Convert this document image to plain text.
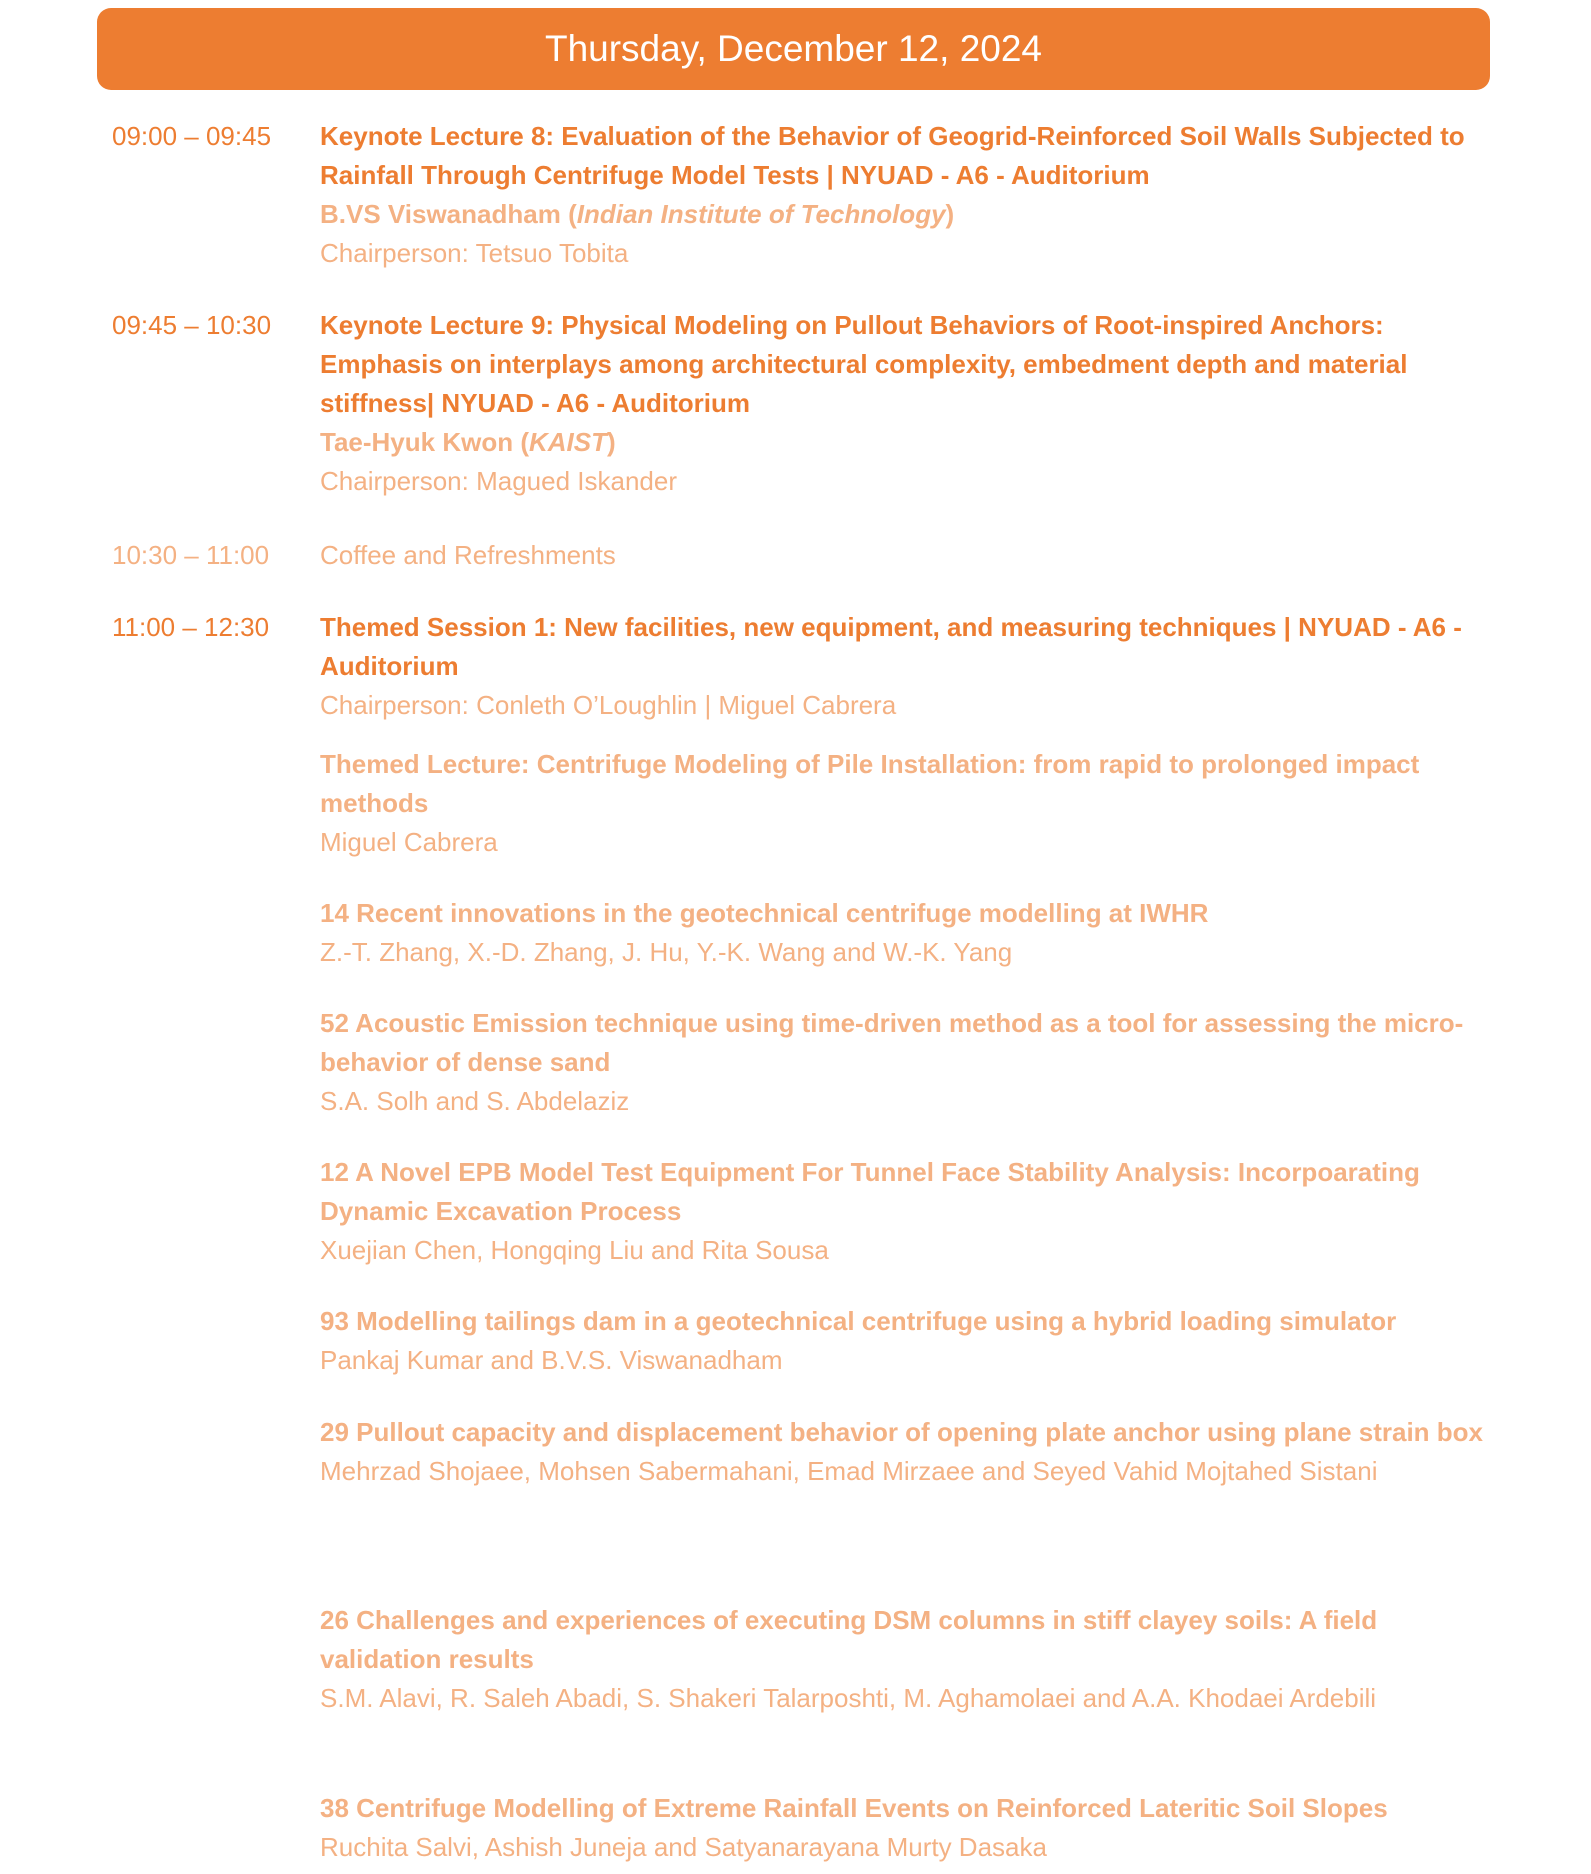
Thursday, December 12, 2024
09:00 – 09:45 Keynote Lecture 8: Evaluation of the Behavior of Geogrid-Reinforced Soil Walls Subjected to Rainfall Through Centrifuge Model Tests | NYUAD - A6 - Auditorium
B.VS Viswanadham (Indian Institute of Technology)
Chairperson: Tetsuo Tobita
09:45 – 10:30 Keynote Lecture 9: Physical Modeling on Pullout Behaviors of Root-inspired Anchors: Emphasis on interplays among architectural complexity, embedment depth and material stiffness| NYUAD - A6 - Auditorium
Tae-Hyuk Kwon (KAIST)
Chairperson: Magued Iskander
10:30 – 11:00 Coffee and Refreshments
11:00 – 12:30 Themed Session 1: New facilities, new equipment, and measuring techniques | NYUAD - A6 - Auditorium
Chairperson: Conleth O’Loughlin | Miguel Cabrera
Themed Lecture: Centrifuge Modeling of Pile Installation: from rapid to prolonged impact methods
Miguel Cabrera
14 Recent innovations in the geotechnical centrifuge modelling at IWHR
Z.-T. Zhang, X.-D. Zhang, J. Hu, Y.-K. Wang and W.-K. Yang
52 Acoustic Emission technique using time-driven method as a tool for assessing the micro-behavior of dense sand
S.A. Solh and S. Abdelaziz
12 A Novel EPB Model Test Equipment For Tunnel Face Stability Analysis: Incorpoarating Dynamic Excavation Process
Xuejian Chen, Hongqing Liu and Rita Sousa
93 Modelling tailings dam in a geotechnical centrifuge using a hybrid loading simulator
Pankaj Kumar and B.V.S. Viswanadham
29 Pullout capacity and displacement behavior of opening plate anchor using plane strain box
Mehrzad Shojaee, Mohsen Sabermahani, Emad Mirzaee and Seyed Vahid Mojtahed Sistani
26 Challenges and experiences of executing DSM columns in stiff clayey soils: A field validation results
S.M. Alavi, R. Saleh Abadi, S. Shakeri Talarposhti, M. Aghamolaei and A.A. Khodaei Ardebili
38 Centrifuge Modelling of Extreme Rainfall Events on Reinforced Lateritic Soil Slopes
Ruchita Salvi, Ashish Juneja and Satyanarayana Murty Dasaka
